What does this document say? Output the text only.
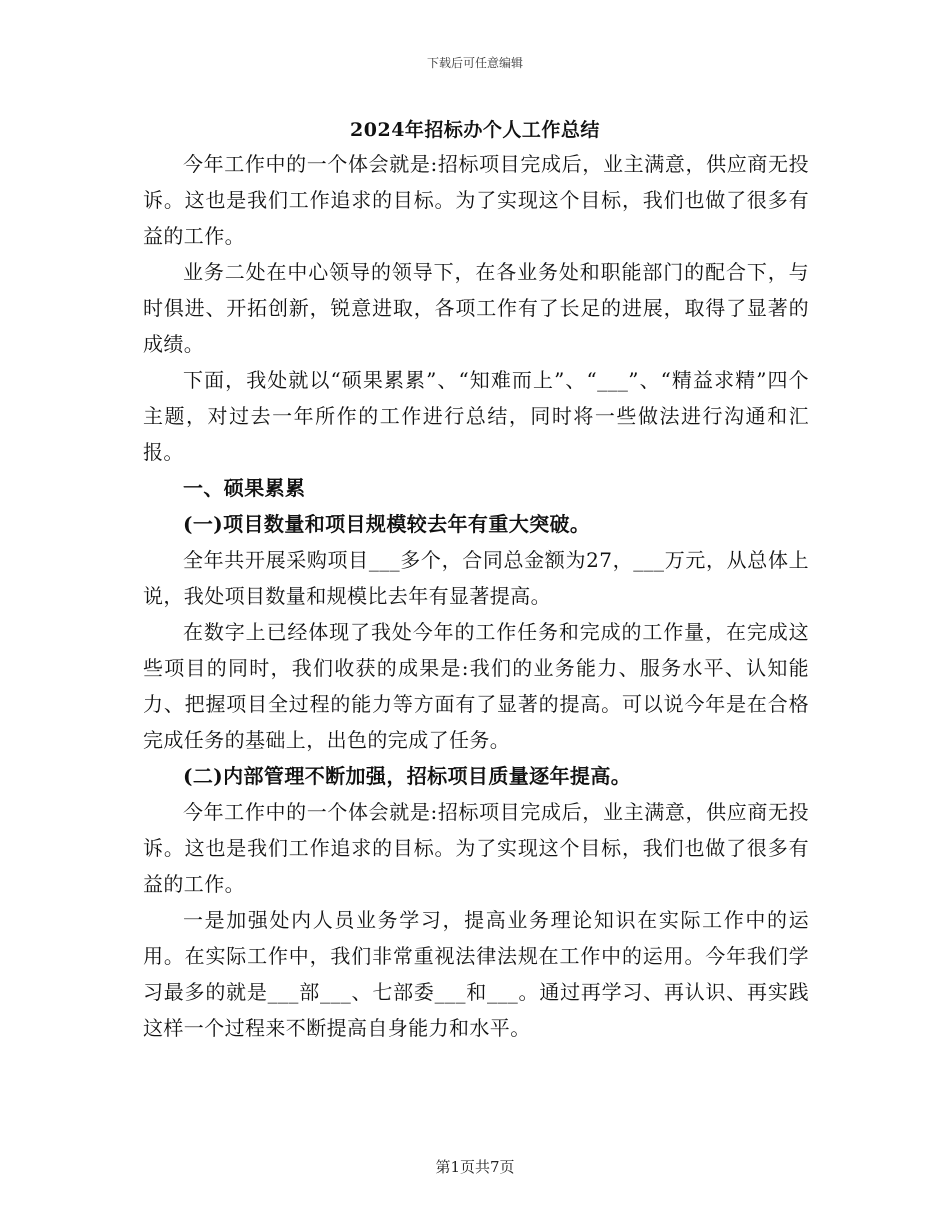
下载后可任意编辑
2024年招标办个人工作总结

今年工作中的一个体会就是:招标项目完成后，业主满意，供应商无投诉。这也是我们工作追求的目标。为了实现这个目标，我们也做了很多有益的工作。

业务二处在中心领导的领导下，在各业务处和职能部门的配合下，与时俱进、开拓创新，锐意进取，各项工作有了长足的进展，取得了显著的成绩。

下面，我处就以“硕果累累”、“知难而上”、“___”、“精益求精”四个主题，对过去一年所作的工作进行总结，同时将一些做法进行沟通和汇报。

一、硕果累累

(一)项目数量和项目规模较去年有重大突破。

全年共开展采购项目___多个，合同总金额为27，___万元，从总体上说，我处项目数量和规模比去年有显著提高。

在数字上已经体现了我处今年的工作任务和完成的工作量，在完成这些项目的同时，我们收获的成果是:我们的业务能力、服务水平、认知能力、把握项目全过程的能力等方面有了显著的提高。可以说今年是在合格完成任务的基础上，出色的完成了任务。

(二)内部管理不断加强，招标项目质量逐年提高。

今年工作中的一个体会就是:招标项目完成后，业主满意，供应商无投诉。这也是我们工作追求的目标。为了实现这个目标，我们也做了很多有益的工作。

一是加强处内人员业务学习，提高业务理论知识在实际工作中的运用。在实际工作中，我们非常重视法律法规在工作中的运用。今年我们学习最多的就是___部___、七部委___和___。通过再学习、再认识、再实践这样一个过程来不断提高自身能力和水平。

第1页共7页
